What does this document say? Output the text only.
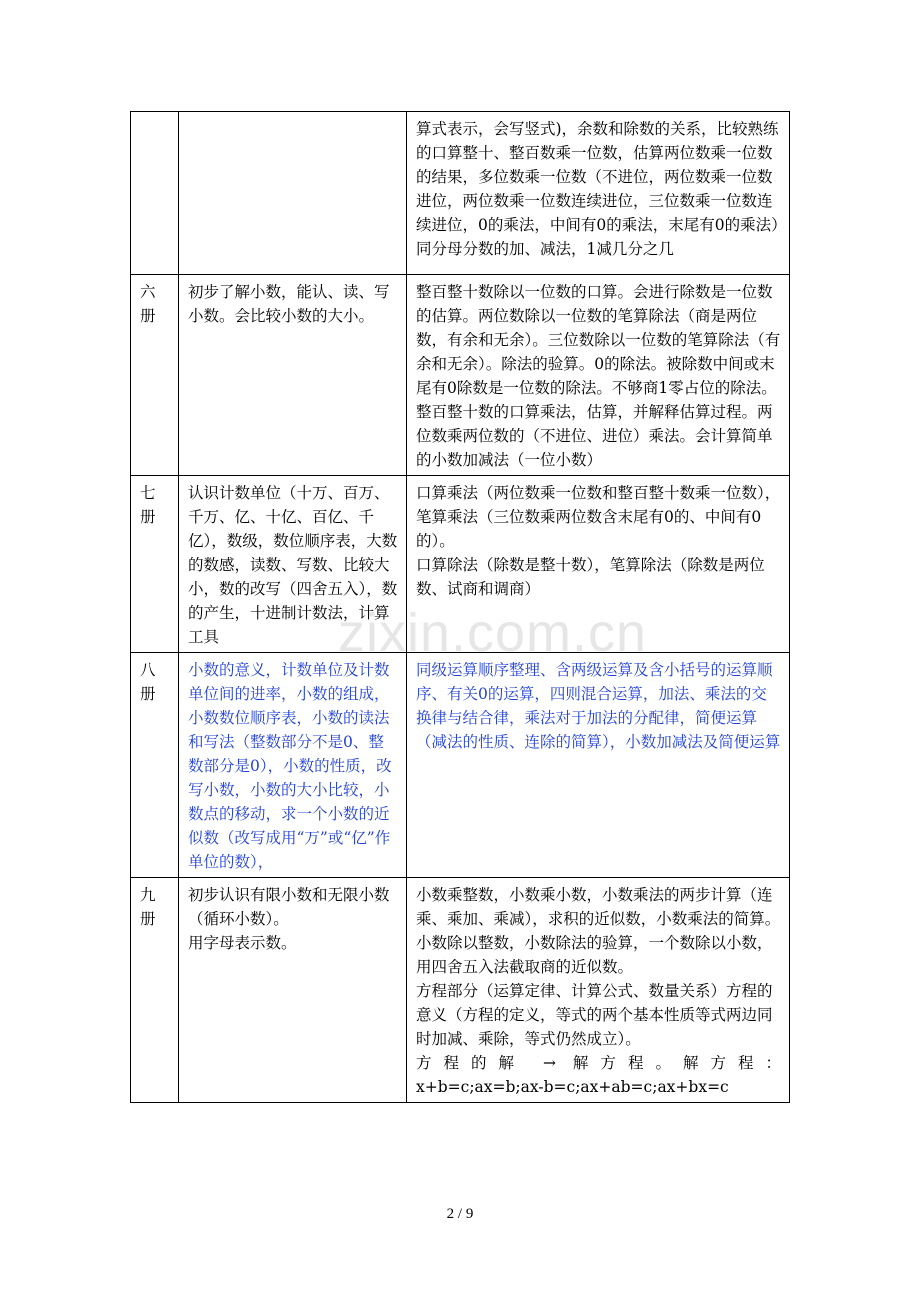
zixin.com.cn

		算式表示，会写竖式)，余数和除数的关系，比较熟练的口算整十、整百数乘一位数，估算两位数乘一位数的结果，多位数乘一位数（不进位，两位数乘一位数进位，两位数乘一位数连续进位，三位数乘一位数连续进位，0的乘法，中间有0的乘法，末尾有0的乘法）
同分母分数的加、减法，1减几分之几

六册	初步了解小数，能认、读、写小数。会比较小数的大小。	整百整十数除以一位数的口算。会进行除数是一位数的估算。两位数除以一位数的笔算除法（商是两位数，有余和无余）。三位数除以一位数的笔算除法（有余和无余）。除法的验算。0的除法。被除数中间或末尾有0除数是一位数的除法。不够商1零占位的除法。
整百整十数的口算乘法，估算，并解释估算过程。两位数乘两位数的（不进位、进位）乘法。会计算简单的小数加减法（一位小数）

七册	认识计数单位（十万、百万、千万、亿、十亿、百亿、千亿），数级，数位顺序表，大数的数感，读数、写数、比较大小，数的改写（四舍五入），数的产生，十进制计数法，计算工具	口算乘法（两位数乘一位数和整百整十数乘一位数），笔算乘法（三位数乘两位数含末尾有0的、中间有0的）。
口算除法（除数是整十数），笔算除法（除数是两位数、试商和调商）

八册	小数的意义，计数单位及计数单位间的进率，小数的组成，小数数位顺序表，小数的读法和写法（整数部分不是0、整数部分是0），小数的性质，改写小数，小数的大小比较，小数点的移动，求一个小数的近似数（改写成用“万”或“亿”作单位的数），	同级运算顺序整理、含两级运算及含小括号的运算顺序、有关0的运算，四则混合运算，加法、乘法的交换律与结合律，乘法对于加法的分配律，简便运算（减法的性质、连除的简算），小数加减法及简便运算

九册	初步认识有限小数和无限小数（循环小数）。
用字母表示数。	小数乘整数，小数乘小数，小数乘法的两步计算（连乘、乘加、乘减），求积的近似数，小数乘法的简算。
小数除以整数，小数除法的验算，一个数除以小数，用四舍五入法截取商的近似数。
方程部分（运算定律、计算公式、数量关系）方程的意义（方程的定义，等式的两个基本性质等式两边同时加减、乘除，等式仍然成立）。
方程的解 → 解方程。解方程：
x+b=c;ax=b;ax-b=c;ax+ab=c;ax+bx=c
2 / 9
